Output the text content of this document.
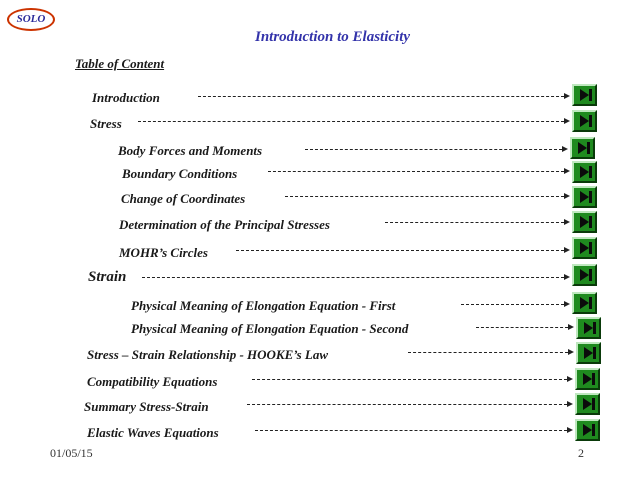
SOLO
Introduction to Elasticity
Table of Content
Introduction
Stress
Body Forces and Moments
Boundary Conditions
Change of Coordinates
Determination of the Principal Stresses
MOHR’s Circles
Strain
Physical Meaning of Elongation Equation - First
Physical Meaning of Elongation Equation - Second
Stress – Strain Relationship - HOOKE’s Law
Compatibility Equations
Summary Stress-Strain
Elastic Waves Equations
01/05/15	2
